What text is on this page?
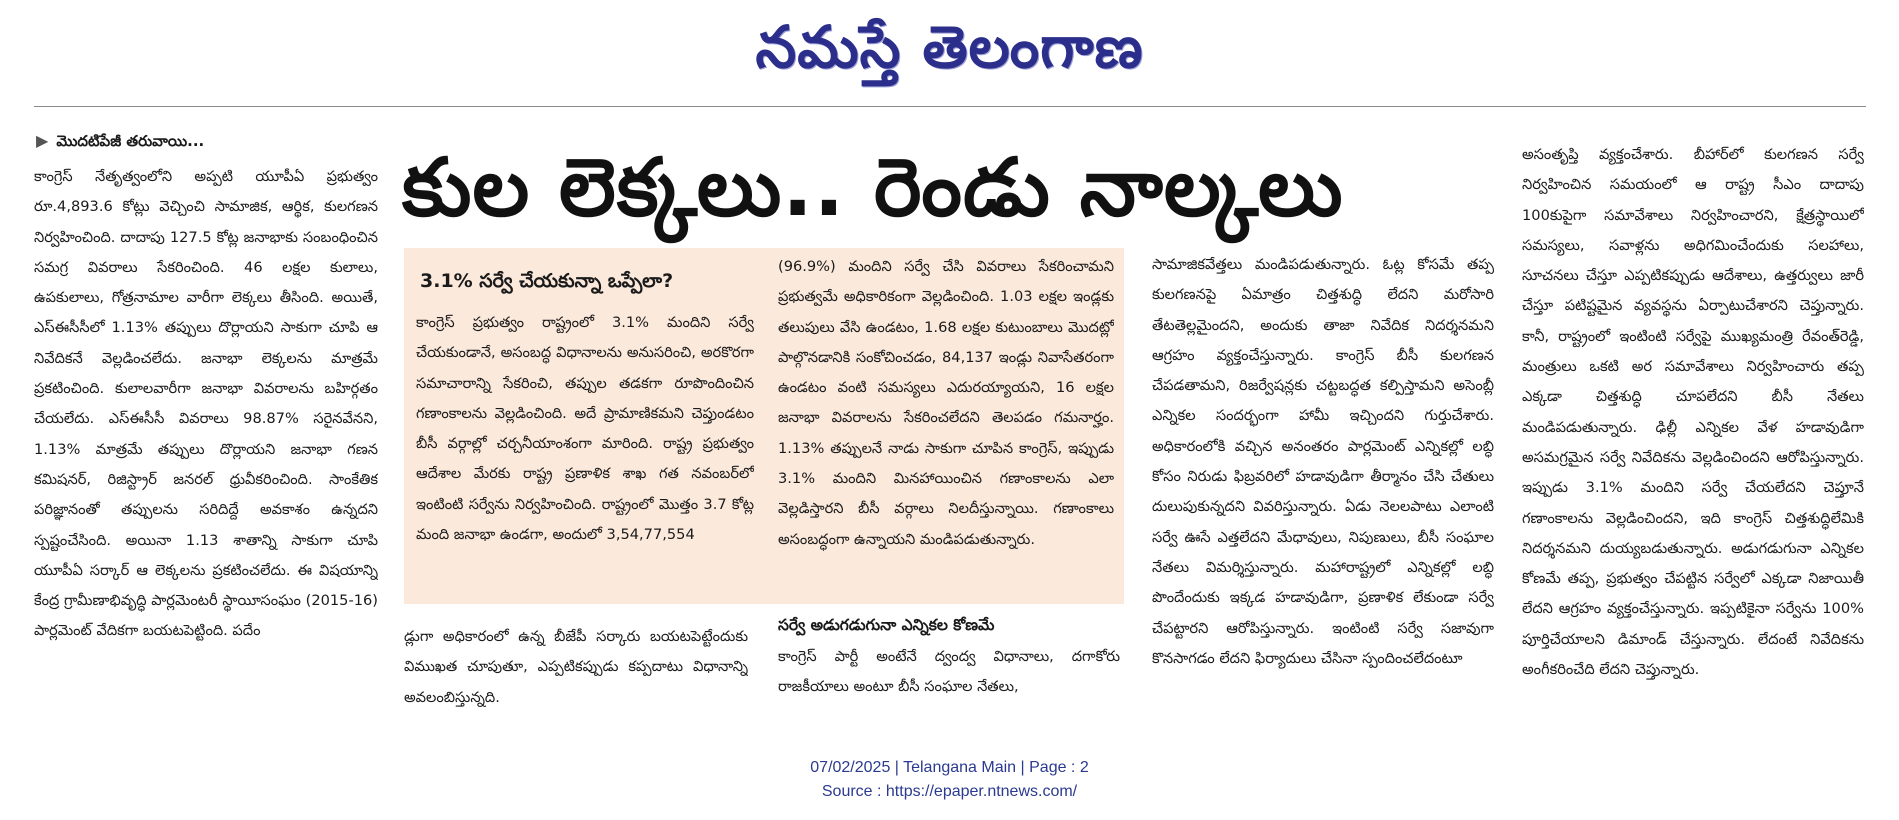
నమస్తే తెలంగాణ
▶ మొదటిపేజీ తరువాయి...
కాంగ్రెస్ నేతృత్వంలోని అప్పటి యూపీఏ ప్రభుత్వం రూ.4,893.6 కోట్లు వెచ్చించి సామాజిక, ఆర్థిక, కులగణన నిర్వహించింది. దాదాపు 127.5 కోట్ల జనాభాకు సంబంధించిన సమగ్ర వివరాలు సేకరించింది. 46 లక్షల కులాలు, ఉపకులాలు, గోత్రనామాల వారీగా లెక్కలు తీసింది. అయితే, ఎస్ఈసీసీలో 1.13% తప్పులు దొర్లాయని సాకుగా చూపి ఆ నివేదికనే వెల్లడించలేదు. జనాభా లెక్కలను మాత్రమే ప్రకటించింది. కులాలవారీగా జనాభా వివరాలను బహిర్గతం చేయలేదు. ఎస్ఈసీసీ వివరాలు 98.87% సరైనవేనని, 1.13% మాత్రమే తప్పులు దొర్లాయని జనాభా గణన కమిషనర్, రిజిస్ట్రార్ జనరల్ ధ్రువీకరించింది. సాంకేతిక పరిజ్ఞానంతో తప్పులను సరిదిద్దే అవకాశం ఉన్నదని స్పష్టంచేసింది. అయినా 1.13 శాతాన్ని సాకుగా చూపి యూపీఏ సర్కార్ ఆ లెక్కలను ప్రకటించలేదు. ఈ విషయాన్ని కేంద్ర గ్రామీణాభివృద్ధి పార్లమెంటరీ స్థాయీసంఘం (2015-16) పార్లమెంట్ వేదికగా బయటపెట్టింది. పదేం
కుల లెక్కలు.. రెండు నాల్కలు
3.1% సర్వే చేయకున్నా ఒప్పేలా?
కాంగ్రెస్ ప్రభుత్వం రాష్ట్రంలో 3.1% మందిని సర్వే చేయకుండానే, అసంబద్ధ విధానాలను అనుసరించి, అరకొరగా సమాచారాన్ని సేకరించి, తప్పుల తడకగా రూపొందించిన గణాంకాలను వెల్లడించింది. అదే ప్రామాణికమని చెప్తుండటం బీసీ వర్గాల్లో చర్చనీయాంశంగా మారింది. రాష్ట్ర ప్రభుత్వం ఆదేశాల మేరకు రాష్ట్ర ప్రణాళిక శాఖ గత నవంబర్‌లో ఇంటింటి సర్వేను నిర్వహించింది. రాష్ట్రంలో మొత్తం 3.7 కోట్ల మంది జనాభా ఉండగా, అందులో 3,54,77,554
(96.9%) మందిని సర్వే చేసి వివరాలు సేకరించామని ప్రభుత్వమే అధికారికంగా వెల్లడించింది. 1.03 లక్షల ఇండ్లకు తలుపులు వేసి ఉండటం, 1.68 లక్షల కుటుంబాలు మొదట్లో పాల్గొనడానికి సంకోచించడం, 84,137 ఇండ్లు నివాసేతరంగా ఉండటం వంటి సమస్యలు ఎదురయ్యాయని, 16 లక్షల జనాభా వివరాలను సేకరించలేదని తెలపడం గమనార్హం. 1.13% తప్పులనే నాడు సాకుగా చూపిన కాంగ్రెస్, ఇప్పుడు 3.1% మందిని మినహాయించిన గణాంకాలను ఎలా వెల్లడిస్తారని బీసీ వర్గాలు నిలదీస్తున్నాయి. గణాంకాలు అసంబద్ధంగా ఉన్నాయని మండిపడుతున్నారు.
డ్లుగా అధికారంలో ఉన్న బీజేపీ సర్కారు బయటపెట్టేందుకు విముఖత చూపుతూ, ఎప్పటికప్పుడు కప్పదాటు విధానాన్ని అవలంబిస్తున్నది.
సర్వే అడుగడుగునా ఎన్నికల కోణమే
కాంగ్రెస్ పార్టీ అంటేనే ద్వంద్వ విధానాలు, దగాకోరు రాజకీయాలు అంటూ బీసీ సంఘాల నేతలు,
సామాజికవేత్తలు మండిపడుతున్నారు. ఓట్ల కోసమే తప్ప కులగణనపై ఏమాత్రం చిత్తశుద్ధి లేదని మరోసారి తేటతెల్లమైందని, అందుకు తాజా నివేదిక నిదర్శనమని ఆగ్రహం వ్యక్తంచేస్తున్నారు. కాంగ్రెస్ బీసీ కులగణన చేపడతామని, రిజర్వేషన్లకు చట్టబద్ధత కల్పిస్తామని అసెంబ్లీ ఎన్నికల సందర్భంగా హామీ ఇచ్చిందని గుర్తుచేశారు. అధికారంలోకి వచ్చిన అనంతరం పార్లమెంట్ ఎన్నికల్లో లబ్ధి కోసం నిరుడు ఫిబ్రవరిలో హడావుడిగా తీర్మానం చేసి చేతులు దులుపుకున్నదని వివరిస్తున్నారు. ఏడు నెలలపాటు ఎలాంటి సర్వే ఊసే ఎత్తలేదని మేధావులు, నిపుణులు, బీసీ సంఘాల నేతలు విమర్శిస్తున్నారు. మహారాష్ట్రలో ఎన్నికల్లో లబ్ధి పొందేందుకు ఇక్కడ హడావుడిగా, ప్రణాళిక లేకుండా సర్వే చేపట్టారని ఆరోపిస్తున్నారు. ఇంటింటి సర్వే సజావుగా కొనసాగడం లేదని ఫిర్యాదులు చేసినా స్పందించలేదంటూ
అసంతృప్తి వ్యక్తంచేశారు. బీహార్‌లో కులగణన సర్వే నిర్వహించిన సమయంలో ఆ రాష్ట్ర సీఎం దాదాపు 100కుపైగా సమావేశాలు నిర్వహించారని, క్షేత్రస్థాయిలో సమస్యలు, సవాళ్లను అధిగమించేందుకు సలహాలు, సూచనలు చేస్తూ ఎప్పటికప్పుడు ఆదేశాలు, ఉత్తర్వులు జారీ చేస్తూ పటిష్టమైన వ్యవస్థను ఏర్పాటుచేశారని చెప్తున్నారు. కానీ, రాష్ట్రంలో ఇంటింటి సర్వేపై ముఖ్యమంత్రి రేవంత్‌రెడ్డి, మంత్రులు ఒకటి అర సమావేశాలు నిర్వహించారు తప్ప ఎక్కడా చిత్తశుద్ధి చూపలేదని బీసీ నేతలు మండిపడుతున్నారు. ఢిల్లీ ఎన్నికల వేళ హడావుడిగా అసమగ్రమైన సర్వే నివేదికను వెల్లడించిందని ఆరోపిస్తున్నారు. ఇప్పుడు 3.1% మందిని సర్వే చేయలేదని చెప్తూనే గణాంకాలను వెల్లడించిందని, ఇది కాంగ్రెస్ చిత్తశుద్ధిలేమికి నిదర్శనమని దుయ్యబడుతున్నారు. అడుగడుగునా ఎన్నికల కోణమే తప్ప, ప్రభుత్వం చేపట్టిన సర్వేలో ఎక్కడా నిజాయితీ లేదని ఆగ్రహం వ్యక్తంచేస్తున్నారు. ఇప్పటికైనా సర్వేను 100% పూర్తిచేయాలని డిమాండ్ చేస్తున్నారు. లేదంటే నివేదికను అంగీకరించేది లేదని చెప్తున్నారు.
07/02/2025 | Telangana Main | Page : 2
Source : https://epaper.ntnews.com/
